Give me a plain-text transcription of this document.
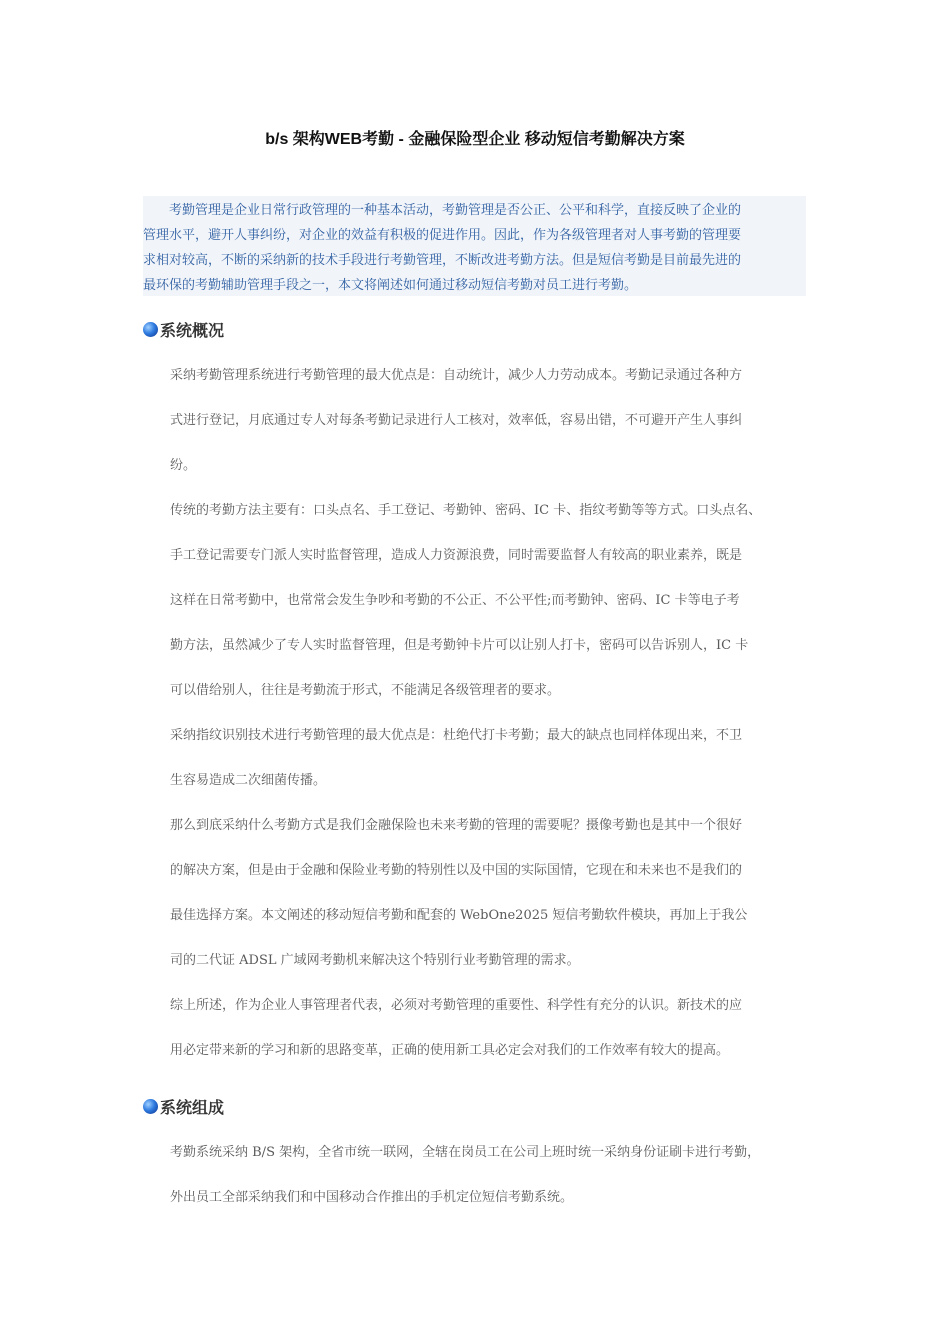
b/s 架构WEB考勤 - 金融保险型企业 移动短信考勤解决方案
　　考勤管理是企业日常行政管理的一种基本活动，考勤管理是否公正、公平和科学，直接反映了企业的
管理水平，避开人事纠纷，对企业的效益有积极的促进作用。因此，作为各级管理者对人事考勤的管理要
求相对较高，不断的采纳新的技术手段进行考勤管理，不断改进考勤方法。但是短信考勤是目前最先进的
最环保的考勤辅助管理手段之一，本文将阐述如何通过移动短信考勤对员工进行考勤。
系统概况
采纳考勤管理系统进行考勤管理的最大优点是：自动统计，减少人力劳动成本。考勤记录通过各种方
式进行登记，月底通过专人对每条考勤记录进行人工核对，效率低，容易出错，不可避开产生人事纠
纷。
传统的考勤方法主要有：口头点名、手工登记、考勤钟、密码、IC 卡、指纹考勤等等方式。口头点名、
手工登记需要专门派人实时监督管理，造成人力资源浪费，同时需要监督人有较高的职业素养，既是
这样在日常考勤中，也常常会发生争吵和考勤的不公正、不公平性;而考勤钟、密码、IC 卡等电子考
勤方法，虽然减少了专人实时监督管理，但是考勤钟卡片可以让别人打卡，密码可以告诉别人，IC 卡
可以借给别人，往往是考勤流于形式，不能满足各级管理者的要求。
采纳指纹识别技术进行考勤管理的最大优点是：杜绝代打卡考勤；最大的缺点也同样体现出来，不卫
生容易造成二次细菌传播。
那么到底采纳什么考勤方式是我们金融保险也未来考勤的管理的需要呢？摄像考勤也是其中一个很好
的解决方案，但是由于金融和保险业考勤的特别性以及中国的实际国情，它现在和未来也不是我们的
最佳选择方案。本文阐述的移动短信考勤和配套的 WebOne2025 短信考勤软件模块，再加上于我公
司的二代证 ADSL 广域网考勤机来解决这个特别行业考勤管理的需求。
综上所述，作为企业人事管理者代表，必须对考勤管理的重要性、科学性有充分的认识。新技术的应
用必定带来新的学习和新的思路变革，正确的使用新工具必定会对我们的工作效率有较大的提高。
系统组成
考勤系统采纳 B/S 架构，全省市统一联网，全辖在岗员工在公司上班时统一采纳身份证刷卡进行考勤，
外出员工全部采纳我们和中国移动合作推出的手机定位短信考勤系统。
